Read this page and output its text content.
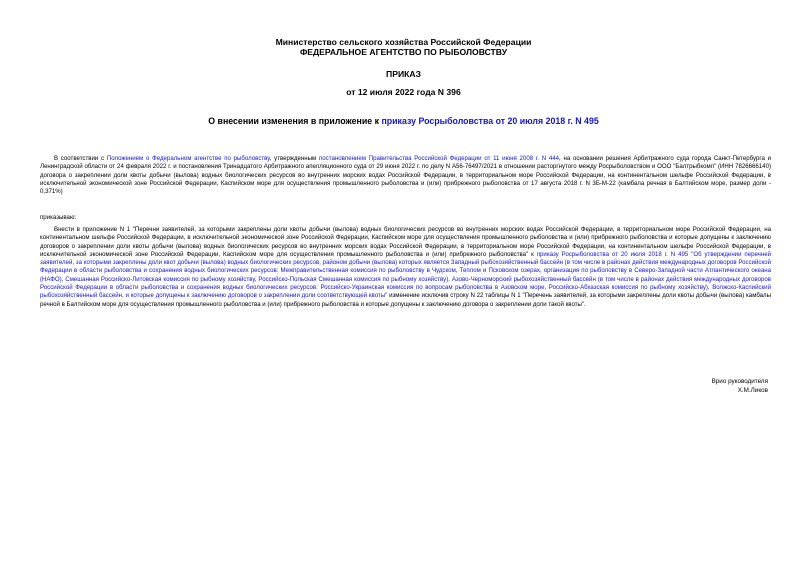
Министерство сельского хозяйства Российской Федерации
ФЕДЕРАЛЬНОЕ АГЕНТСТВО ПО РЫБОЛОВСТВУ
ПРИКАЗ
от 12 июля 2022 года N 396
О внесении изменения в приложение к приказу Росрыболовства от 20 июля 2018 г. N 495

В соответствии с Положением о Федеральном агентстве по рыболовству, утвержденным постановлением Правительства Российской Федерации от 11 июня 2008 г. N 444, на основании решения Арбитражного суда города Санкт-Петербурга и Ленинградской области от 24 февраля 2022 г. и постановления Тринадцатого Арбитражного апелляционного суда от 29 июня 2022 г. по делу N А56-76497/2021 в отношении расторгнутого между Росрыболовством и ООО "Балтрыбкомп" (ИНН 7826666140) договора о закреплении доли квоты добычи (вылова) водных биологических ресурсов во внутренних морских водах Российской Федерации, в территориальном море Российской Федерации, на континентальном шельфе Российской Федерации, в исключительной экономической зоне Российской Федерации, Каспийском море для осуществления промышленного рыболовства и (или) прибрежного рыболовства от 17 августа 2018 г. N 3Б-М-22 (камбала речная в Балтийском море, размер доли - 0,371%)

приказываю:

Внести в приложение N 1 "Перечни заявителей, за которыми закреплены доли квоты добычи (вылова) водных биологических ресурсов во внутренних морских водах Российской Федерации, в территориальном море Российской Федерации, на континентальном шельфе Российской Федерации, в исключительной экономической зоне Российской Федерации, Каспийском море для осуществления промышленного рыболовства и (или) прибрежного рыболовства и которые допущены к заключению договоров о закреплении доли квоты добычи (вылова) водных биологических ресурсов во внутренних морских водах Российской Федерации, в территориальном море Российской Федерации, на континентальном шельфе Российской Федерации, в исключительной экономической зоне Российской Федерации, Каспийском море для осуществления промышленного рыболовства и (или) прибрежного рыболовства" к приказу Росрыболовства от 20 июля 2018 г. N 495 "Об утверждении перечней заявителей, за которыми закреплены доли квот добычи (вылова) водных биологических ресурсов, районом добычи (вылова) которых является Западный рыбохозяйственный бассейн (в том числе в районах действия международных договоров Российской Федерации в области рыболовства и сохранения водных биологических ресурсов: Межправительственная комиссия по рыболовству в Чудском, Теплом и Псковском озерах, организация по рыболовству в Северо-Западной части Атлантического океана (НАФО), Смешанная Российско-Литовская комиссия по рыбному хозяйству, Российско-Польская Смешанная комиссия по рыбному хозяйству), Азово-Черноморский рыбохозяйственный бассейн (в том числе в районах действия международных договоров Российской Федерации в области рыболовства и сохранения водных биологических ресурсов: Российско-Украинская комиссия по вопросам рыболовства в Азовском море, Российско-Абхазская комиссия по рыбному хозяйству), Волжско-Каспийский рыбохозяйственный бассейн, и которые допущены к заключению договоров о закреплении доли соответствующей квоты" изменение исключив строку N 22 таблицы N 1 "Перечень заявителей, за которыми закреплены доли квоты добычи (вылова) камбалы речной в Балтийском море для осуществления промышленного рыболовства и (или) прибрежного рыболовства и которые допущены к заключению договора о закреплении доли такой квоты".

Врио руководителя
Х.М.Ликов
